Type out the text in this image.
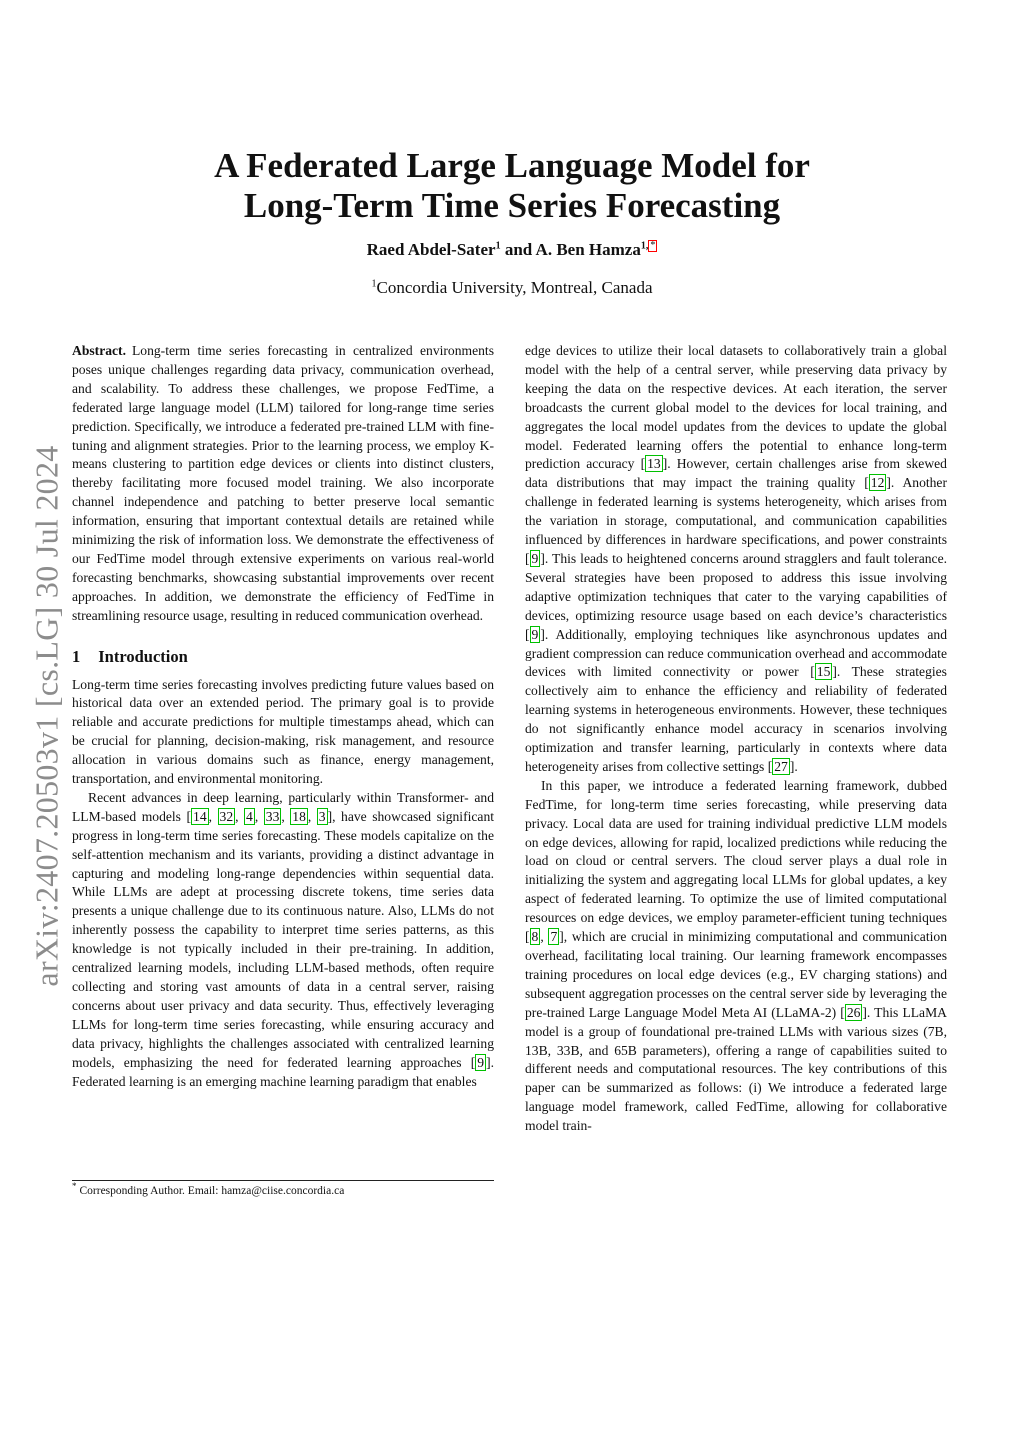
arXiv:2407.20503v1 [cs.LG] 30 Jul 2024
A Federated Large Language Model for
Long-Term Time Series Forecasting
Raed Abdel-Sater$^1$ and A. Ben Hamza$^{1,}$ *
$^1$Concordia University, Montreal, Canada

Abstract. Long-term time series forecasting in centralized environments poses unique challenges regarding data privacy, communication overhead, and scalability. To address these challenges, we propose FedTime, a federated large language model (LLM) tailored for long-range time series prediction. Specifically, we introduce a federated pre-trained LLM with fine-tuning and alignment strategies. Prior to the learning process, we employ K-means clustering to partition edge devices or clients into distinct clusters, thereby facilitating more focused model training. We also incorporate channel independence and patching to better preserve local semantic information, ensuring that important contextual details are retained while minimizing the risk of information loss. We demonstrate the effectiveness of our FedTime model through extensive experiments on various real-world forecasting benchmarks, showcasing substantial improvements over recent approaches. In addition, we demonstrate the efficiency of FedTime in streamlining resource usage, resulting in reduced communication overhead.

1 Introduction

Long-term time series forecasting involves predicting future values based on historical data over an extended period. The primary goal is to provide reliable and accurate predictions for multiple timestamps ahead, which can be crucial for planning, decision-making, risk management, and resource allocation in various domains such as finance, energy management, transportation, and environmental monitoring.

Recent advances in deep learning, particularly within Transformer- and LLM-based models [ 14 , 32 , 4 , 33 , 18 , 3 ], have showcased significant progress in long-term time series forecasting. These models capitalize on the self-attention mechanism and its variants, providing a distinct advantage in capturing and modeling long-range dependencies within sequential data. While LLMs are adept at processing discrete tokens, time series data presents a unique challenge due to its continuous nature. Also, LLMs do not inherently possess the capability to interpret time series patterns, as this knowledge is not typically included in their pre-training. In addition, centralized learning models, including LLM-based methods, often require collecting and storing vast amounts of data in a central server, raising concerns about user privacy and data security. Thus, effectively leveraging LLMs for long-term time series forecasting, while ensuring accuracy and data privacy, highlights the challenges associated with centralized learning models, emphasizing the need for federated learning approaches [ 9 ]. Federated learning is an emerging machine learning paradigm that enables

* Corresponding Author. Email: hamza@ciise.concordia.ca

edge devices to utilize their local datasets to collaboratively train a global model with the help of a central server, while preserving data privacy by keeping the data on the respective devices. At each iteration, the server broadcasts the current global model to the devices for local training, and aggregates the local model updates from the devices to update the global model. Federated learning offers the potential to enhance long-term prediction accuracy [ 13 ]. However, certain challenges arise from skewed data distributions that may impact the training quality [ 12 ]. Another challenge in federated learning is systems heterogeneity, which arises from the variation in storage, computational, and communication capabilities influenced by differences in hardware specifications, and power constraints [ 9 ]. This leads to heightened concerns around stragglers and fault tolerance. Several strategies have been proposed to address this issue involving adaptive optimization techniques that cater to the varying capabilities of devices, optimizing resource usage based on each device’s characteristics [ 9 ]. Additionally, employing techniques like asynchronous updates and gradient compression can reduce communication overhead and accommodate devices with limited connectivity or power [ 15 ]. These strategies collectively aim to enhance the efficiency and reliability of federated learning systems in heterogeneous environments. However, these techniques do not significantly enhance model accuracy in scenarios involving optimization and transfer learning, particularly in contexts where data heterogeneity arises from collective settings [ 27 ].

In this paper, we introduce a federated learning framework, dubbed FedTime, for long-term time series forecasting, while preserving data privacy. Local data are used for training individual predictive LLM models on edge devices, allowing for rapid, localized predictions while reducing the load on cloud or central servers. The cloud server plays a dual role in initializing the system and aggregating local LLMs for global updates, a key aspect of federated learning. To optimize the use of limited computational resources on edge devices, we employ parameter-efficient tuning techniques [ 8 , 7 ], which are crucial in minimizing computational and communication overhead, facilitating local training. Our learning framework encompasses training procedures on local edge devices (e.g., EV charging stations) and subsequent aggregation processes on the central server side by leveraging the pre-trained Large Language Model Meta AI (LLaMA-2) [ 26 ]. This LLaMA model is a group of foundational pre-trained LLMs with various sizes (7B, 13B, 33B, and 65B parameters), offering a range of capabilities suited to different needs and computational resources. The key contributions of this paper can be summarized as follows: (i) We introduce a federated large language model framework, called FedTime, allowing for collaborative model train-
